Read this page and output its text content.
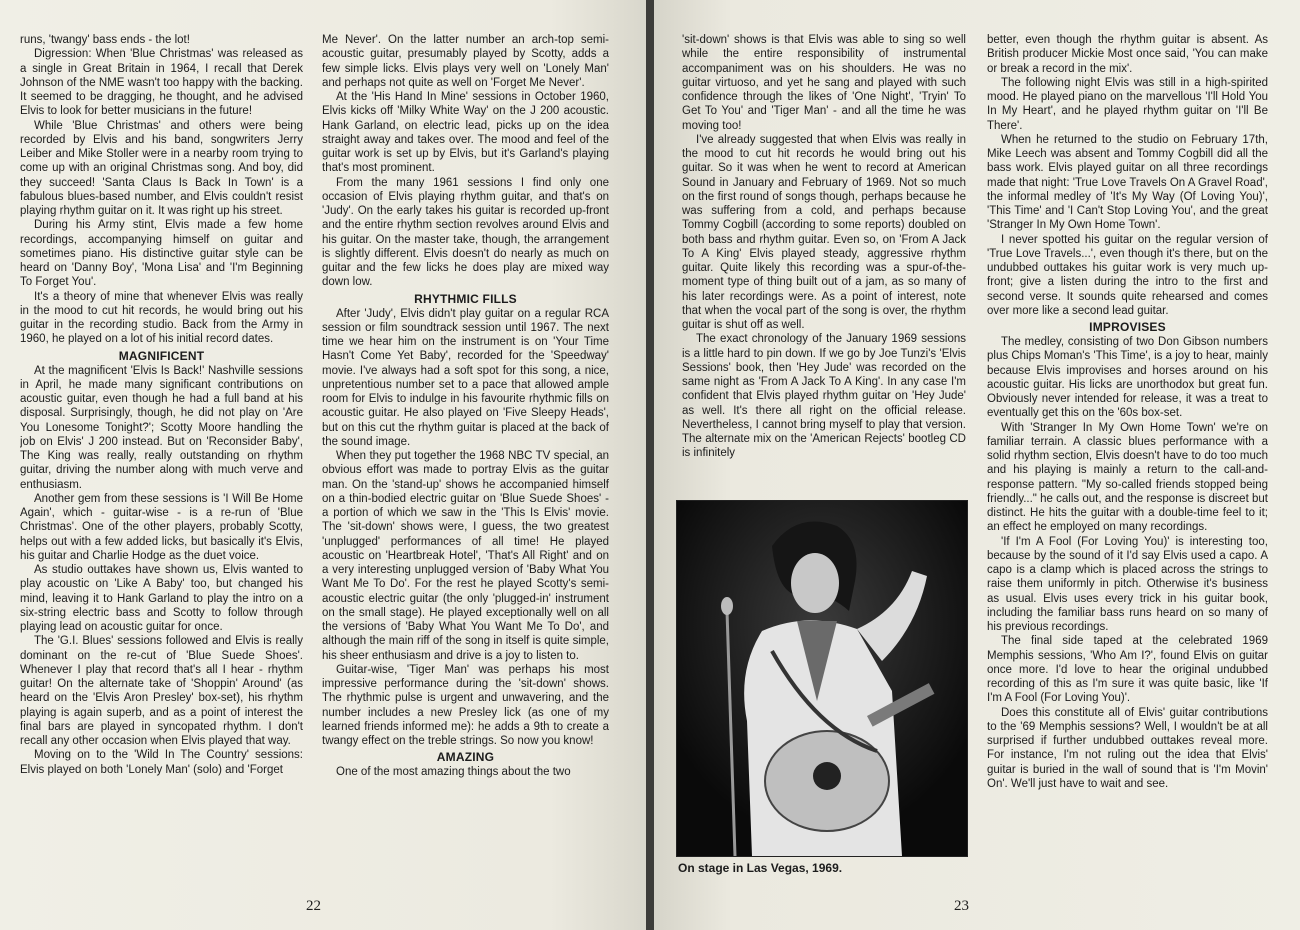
runs, 'twangy' bass ends - the lot!

Digression: When 'Blue Christmas' was released as a single in Great Britain in 1964, I recall that Derek Johnson of the NME wasn't too happy with the backing. It seemed to be dragging, he thought, and he advised Elvis to look for better musicians in the future!

While 'Blue Christmas' and others were being recorded by Elvis and his band, songwriters Jerry Leiber and Mike Stoller were in a nearby room trying to come up with an original Christmas song. And boy, did they succeed! 'Santa Claus Is Back In Town' is a fabulous blues-based number, and Elvis couldn't resist playing rhythm guitar on it. It was right up his street.

During his Army stint, Elvis made a few home recordings, accompanying himself on guitar and sometimes piano. His distinctive guitar style can be heard on 'Danny Boy', 'Mona Lisa' and 'I'm Beginning To Forget You'.

It's a theory of mine that whenever Elvis was really in the mood to cut hit records, he would bring out his guitar in the recording studio. Back from the Army in 1960, he played on a lot of his initial record dates.

MAGNIFICENT

At the magnificent 'Elvis Is Back!' Nashville sessions in April, he made many significant contributions on acoustic guitar, even though he had a full band at his disposal. Surprisingly, though, he did not play on 'Are You Lonesome Tonight?'; Scotty Moore handling the job on Elvis' J 200 instead. But on 'Reconsider Baby', The King was really, really outstanding on rhythm guitar, driving the number along with much verve and enthusiasm.

Another gem from these sessions is 'I Will Be Home Again', which - guitar-wise - is a re-run of 'Blue Christmas'. One of the other players, probably Scotty, helps out with a few added licks, but basically it's Elvis, his guitar and Charlie Hodge as the duet voice.

As studio outtakes have shown us, Elvis wanted to play acoustic on 'Like A Baby' too, but changed his mind, leaving it to Hank Garland to play the intro on a six-string electric bass and Scotty to follow through playing lead on acoustic guitar for once.

The 'G.I. Blues' sessions followed and Elvis is really dominant on the re-cut of 'Blue Suede Shoes'. Whenever I play that record that's all I hear - rhythm guitar! On the alternate take of 'Shoppin' Around' (as heard on the 'Elvis Aron Presley' box-set), his rhythm playing is again superb, and as a point of interest the final bars are played in syncopated rhythm. I don't recall any other occasion when Elvis played that way.

Moving on to the 'Wild In The Country' sessions: Elvis played on both 'Lonely Man' (solo) and 'Forget

Me Never'. On the latter number an arch-top semi-acoustic guitar, presumably played by Scotty, adds a few simple licks. Elvis plays very well on 'Lonely Man' and perhaps not quite as well on 'Forget Me Never'.

At the 'His Hand In Mine' sessions in October 1960, Elvis kicks off 'Milky White Way' on the J 200 acoustic. Hank Garland, on electric lead, picks up on the idea straight away and takes over. The mood and feel of the guitar work is set up by Elvis, but it's Garland's playing that's most prominent.

From the many 1961 sessions I find only one occasion of Elvis playing rhythm guitar, and that's on 'Judy'. On the early takes his guitar is recorded up-front and the entire rhythm section revolves around Elvis and his guitar. On the master take, though, the arrangement is slightly different. Elvis doesn't do nearly as much on guitar and the few licks he does play are mixed way down low.

RHYTHMIC FILLS

After 'Judy', Elvis didn't play guitar on a regular RCA session or film soundtrack session until 1967. The next time we hear him on the instrument is on 'Your Time Hasn't Come Yet Baby', recorded for the 'Speedway' movie. I've always had a soft spot for this song, a nice, unpretentious number set to a pace that allowed ample room for Elvis to indulge in his favourite rhythmic fills on acoustic guitar. He also played on 'Five Sleepy Heads', but on this cut the rhythm guitar is placed at the back of the sound image.

When they put together the 1968 NBC TV special, an obvious effort was made to portray Elvis as the guitar man. On the 'stand-up' shows he accompanied himself on a thin-bodied electric guitar on 'Blue Suede Shoes' - a portion of which we saw in the 'This Is Elvis' movie. The 'sit-down' shows were, I guess, the two greatest 'unplugged' performances of all time! He played acoustic on 'Heartbreak Hotel', 'That's All Right' and on a very interesting unplugged version of 'Baby What You Want Me To Do'. For the rest he played Scotty's semi-acoustic electric guitar (the only 'plugged-in' instrument on the small stage). He played exceptionally well on all the versions of 'Baby What You Want Me To Do', and although the main riff of the song in itself is quite simple, his sheer enthusiasm and drive is a joy to listen to.

Guitar-wise, 'Tiger Man' was perhaps his most impressive performance during the 'sit-down' shows. The rhythmic pulse is urgent and unwavering, and the number includes a new Presley lick (as one of my learned friends informed me): he adds a 9th to create a twangy effect on the treble strings. So now you know!

AMAZING

One of the most amazing things about the two

22

'sit-down' shows is that Elvis was able to sing so well while the entire responsibility of instrumental accompaniment was on his shoulders. He was no guitar virtuoso, and yet he sang and played with such confidence through the likes of 'One Night', 'Tryin' To Get To You' and 'Tiger Man' - and all the time he was moving too!

I've already suggested that when Elvis was really in the mood to cut hit records he would bring out his guitar. So it was when he went to record at American Sound in January and February of 1969. Not so much on the first round of songs though, perhaps because he was suffering from a cold, and perhaps because Tommy Cogbill (according to some reports) doubled on both bass and rhythm guitar. Even so, on 'From A Jack To A King' Elvis played steady, aggressive rhythm guitar. Quite likely this recording was a spur-of-the-moment type of thing built out of a jam, as so many of his later recordings were. As a point of interest, note that when the vocal part of the song is over, the rhythm guitar is shut off as well.

The exact chronology of the January 1969 sessions is a little hard to pin down. If we go by Joe Tunzi's 'Elvis Sessions' book, then 'Hey Jude' was recorded on the same night as 'From A Jack To A King'. In any case I'm confident that Elvis played rhythm guitar on 'Hey Jude' as well. It's there all right on the official release. Nevertheless, I cannot bring myself to play that version. The alternate mix on the 'American Rejects' bootleg CD is infinitely

better, even though the rhythm guitar is absent. As British producer Mickie Most once said, 'You can make or break a record in the mix'.

The following night Elvis was still in a high-spirited mood. He played piano on the marvellous 'I'll Hold You In My Heart', and he played rhythm guitar on 'I'll Be There'.

When he returned to the studio on February 17th, Mike Leech was absent and Tommy Cogbill did all the bass work. Elvis played guitar on all three recordings made that night: 'True Love Travels On A Gravel Road', the informal medley of 'It's My Way (Of Loving You)', 'This Time' and 'I Can't Stop Loving You', and the great 'Stranger In My Own Home Town'.

I never spotted his guitar on the regular version of 'True Love Travels...', even though it's there, but on the undubbed outtakes his guitar work is very much up-front; give a listen during the intro to the first and second verse. It sounds quite rehearsed and comes over more like a second lead guitar.

IMPROVISES

The medley, consisting of two Don Gibson numbers plus Chips Moman's 'This Time', is a joy to hear, mainly because Elvis improvises and horses around on his acoustic guitar. His licks are unorthodox but great fun. Obviously never intended for release, it was a treat to eventually get this on the '60s box-set.

With 'Stranger In My Own Home Town' we're on familiar terrain. A classic blues performance with a solid rhythm section, Elvis doesn't have to do too much and his playing is mainly a return to the call-and-response pattern. "My so-called friends stopped being friendly..." he calls out, and the response is discreet but distinct. He hits the guitar with a double-time feel to it; an effect he employed on many recordings.

'If I'm A Fool (For Loving You)' is interesting too, because by the sound of it I'd say Elvis used a capo. A capo is a clamp which is placed across the strings to raise them uniformly in pitch. Otherwise it's business as usual. Elvis uses every trick in his guitar book, including the familiar bass runs heard on so many of his previous recordings.

The final side taped at the celebrated 1969 Memphis sessions, 'Who Am I?', found Elvis on guitar once more. I'd love to hear the original undubbed recording of this as I'm sure it was quite basic, like 'If I'm A Fool (For Loving You)'.

Does this constitute all of Elvis' guitar contributions to the '69 Memphis sessions? Well, I wouldn't be at all surprised if further undubbed outtakes reveal more. For instance, I'm not ruling out the idea that Elvis' guitar is buried in the wall of sound that is 'I'm Movin' On'. We'll just have to wait and see.

23
On stage in Las Vegas, 1969.
